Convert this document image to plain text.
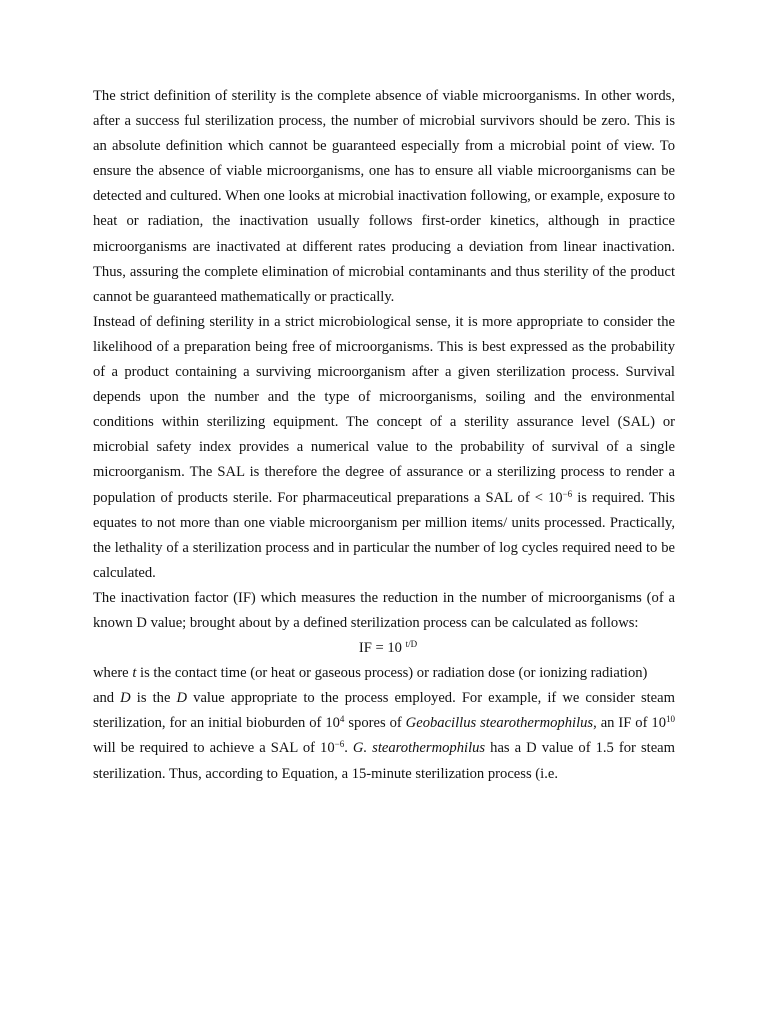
The strict definition of sterility is the complete absence of viable microorganisms. In other words, after a success ful sterilization process, the number of microbial survivors should be zero. This is an absolute definition which cannot be guaranteed especially from a microbial point of view. To ensure the absence of viable microorganisms, one has to ensure all viable microorganisms can be detected and cultured. When one looks at microbial inactivation following, or example, exposure to heat or radiation, the inactivation usually follows first-order kinetics, although in practice microorganisms are inactivated at different rates producing a deviation from linear inactivation. Thus, assuring the complete elimination of microbial contaminants and thus sterility of the product cannot be guaranteed mathematically or practically.

Instead of defining sterility in a strict microbiological sense, it is more appropriate to consider the likelihood of a preparation being free of microorganisms. This is best expressed as the probability of a product containing a surviving microorganism after a given sterilization process. Survival depends upon the number and the type of microorganisms, soiling and the environmental conditions within sterilizing equipment. The concept of a sterility assurance level (SAL) or microbial safety index provides a numerical value to the probability of survival of a single microorganism. The SAL is therefore the degree of assurance or a sterilizing process to render a population of products sterile. For pharmaceutical preparations a SAL of < $10^{-6}$ is required. This equates to not more than one viable microorganism per million items/ units processed. Practically, the lethality of a sterilization process and in particular the number of log cycles required need to be calculated.

The inactivation factor (IF) which measures the reduction in the number of microorganisms (of a known D value; brought about by a defined sterilization process can be calculated as follows:

IF = 10 $^{t/D}$

where t is the contact time (or heat or gaseous process) or radiation dose (or ionizing radiation)

and D is the D value appropriate to the process employed. For example, if we consider steam sterilization, for an initial bioburden of $10^4$ spores of Geobacillus stearothermophilus, an IF of $10^{10}$ will be required to achieve a SAL of $10^{-6}$. G. stearothermophilus has a D value of 1.5 for steam sterilization. Thus, according to Equation, a 15-minute sterilization process (i.e.
